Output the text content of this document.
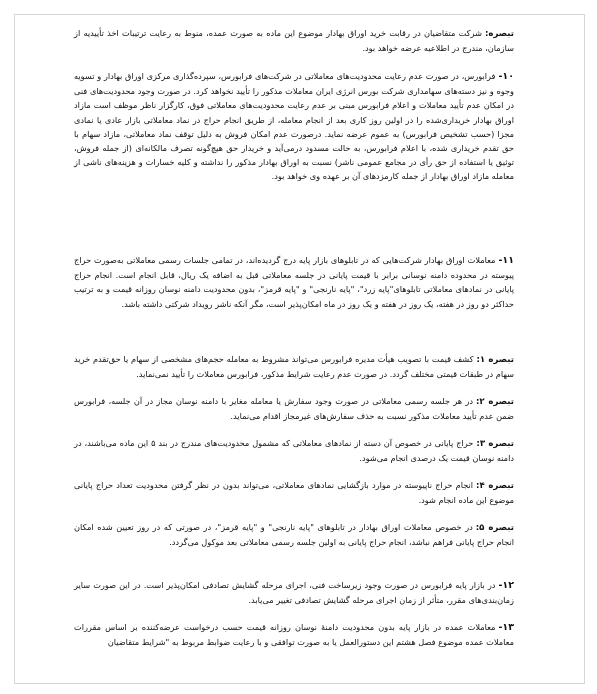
تبصره:شرکت متقاضیان در رقابت خرید اوراق بهادار موضوع این ماده به صورت عمده، منوط به رعایت ترتیبات اخذ تأییدیه از سازمان، مندرج در اطلاعیه عرضه خواهد بود.

۱۰-فرابورس، در صورت عدم رعایت محدودیت‌های معاملاتی در شرکت‌های فرابورس، سپرده‌گذاری مرکزی اوراق بهادار و تسویه وجوه و نیز دسته‌های سهامداری شرکت بورس انرژی ایران معاملات مذکور را تأیید نخواهد کرد. در صورت وجود محدودیت‌های فنی در امکان عدم تأیید معاملات و اعلام فرابورس مبنی بر عدم رعایت محدودیت‌های معاملاتی فوق، کارگزار ناظر موظف است مازاد اوراق بهادار خریداری‌شده را در اولین روز کاری بعد از انجام معامله، از طریق انجام حراج در نماد معاملاتی بازار عادی یا نمادی مجزا (حسب تشخیص فرابورس) به عموم عرضه نماید. درصورت عدم امکان فروش به دلیل توقف نماد معاملاتی، مازاد سهام با حق تقدم خریداری شده، با اعلام فرابورس، به حالت مسدود درمی‌آید و خریدار حق هیچ‌گونه تصرف مالکانه‌ای (از جمله فروش، توثیق یا استفاده از حق رأی در مجامع عمومی ناشر) نسبت به اوراق بهادار مذکور را نداشته و کلیه خسارات و هزینه‌های ناشی از معامله مازاد اوراق بهادار از جمله کارمزدهای آن بر عهده وی خواهد بود.

۱۱-معاملات اوراق بهادار شرکت‌هایی که در تابلوهای بازار پایه درج گردیده‌اند، در تمامی جلسات رسمی معاملاتی به‌صورت حراج پیوسته در محدوده دامنه نوسانی برابر با قیمت پایانی در جلسه معاملاتی قبل به اضافه یک ریال، قابل انجام است. انجام حراج پایانی در نمادهای معاملاتی تابلوهای"پایه زرد"، "پایه نارنجی" و "پایه قرمز"، بدون محدودیت دامنه نوسان روزانه قیمت و به ترتیب حداکثر دو روز در هفته، یک روز در هفته و یک روز در ماه امکان‌پذیر است، مگر آنکه ناشر رویداد شرکتی داشته باشد.

تبصره ۱:کشف قیمت با تصویب هیأت مدیره فرابورس می‌تواند مشروط به معامله حجم‌های مشخصی از سهام یا حق‌تقدم خرید سهام در طبقات قیمتی مختلف گردد. در صورت عدم رعایت شرایط مذکور، فرابورس معاملات را تأیید نمی‌نماید.

تبصره ۲:در هر جلسه رسمی معاملاتی در صورت وجود سفارش یا معامله مغایر با دامنه نوسان مجاز در آن جلسه، فرابورس ضمن عدم تأیید معاملات مذکور نسبت به حذف سفارش‌های غیرمجاز اقدام می‌نماید.

تبصره ۳:حراج پایانی در خصوص آن دسته از نمادهای معاملاتی که مشمول محدودیت‌های مندرج در بند ۵ این ماده می‌باشند، در دامنه نوسان قیمت یک درصدی انجام می‌شود.

تبصره ۴:انجام حراج ناپیوسته در موارد بازگشایی نمادهای معاملاتی، می‌تواند بدون در نظر گرفتن محدودیت تعداد حراج پایانی موضوع این ماده انجام شود.

تبصره ۵:در خصوص معاملات اوراق بهادار در تابلوهای "پایه نارنجی" و "پایه قرمز"، در صورتی که در روز تعیین شده امکان انجام حراج پایانی فراهم نباشد، انجام حراج پایانی به اولین جلسه رسمی معاملاتی بعد موکول می‌گردد.

۱۲-در بازار پایه فرابورس در صورت وجود زیرساخت فنی، اجرای مرحله گشایش تصادفی امکان‌پذیر است. در این صورت سایر زمان‌بندی‌های مقرر، متأثر از زمان اجرای مرحله گشایش تصادفی تغییر می‌یابد.

۱۳-معاملات عمده در بازار پایه بدون محدودیت دامنهٔ نوسان روزانه قیمت حسب درخواست عرضه‌کننده بر اساس مقررات معاملات عمده موضوع فصل هشتم این دستورالعمل یا به صورت توافقی و با رعایت ضوابط مربوط به "شرایط متقاضیان
